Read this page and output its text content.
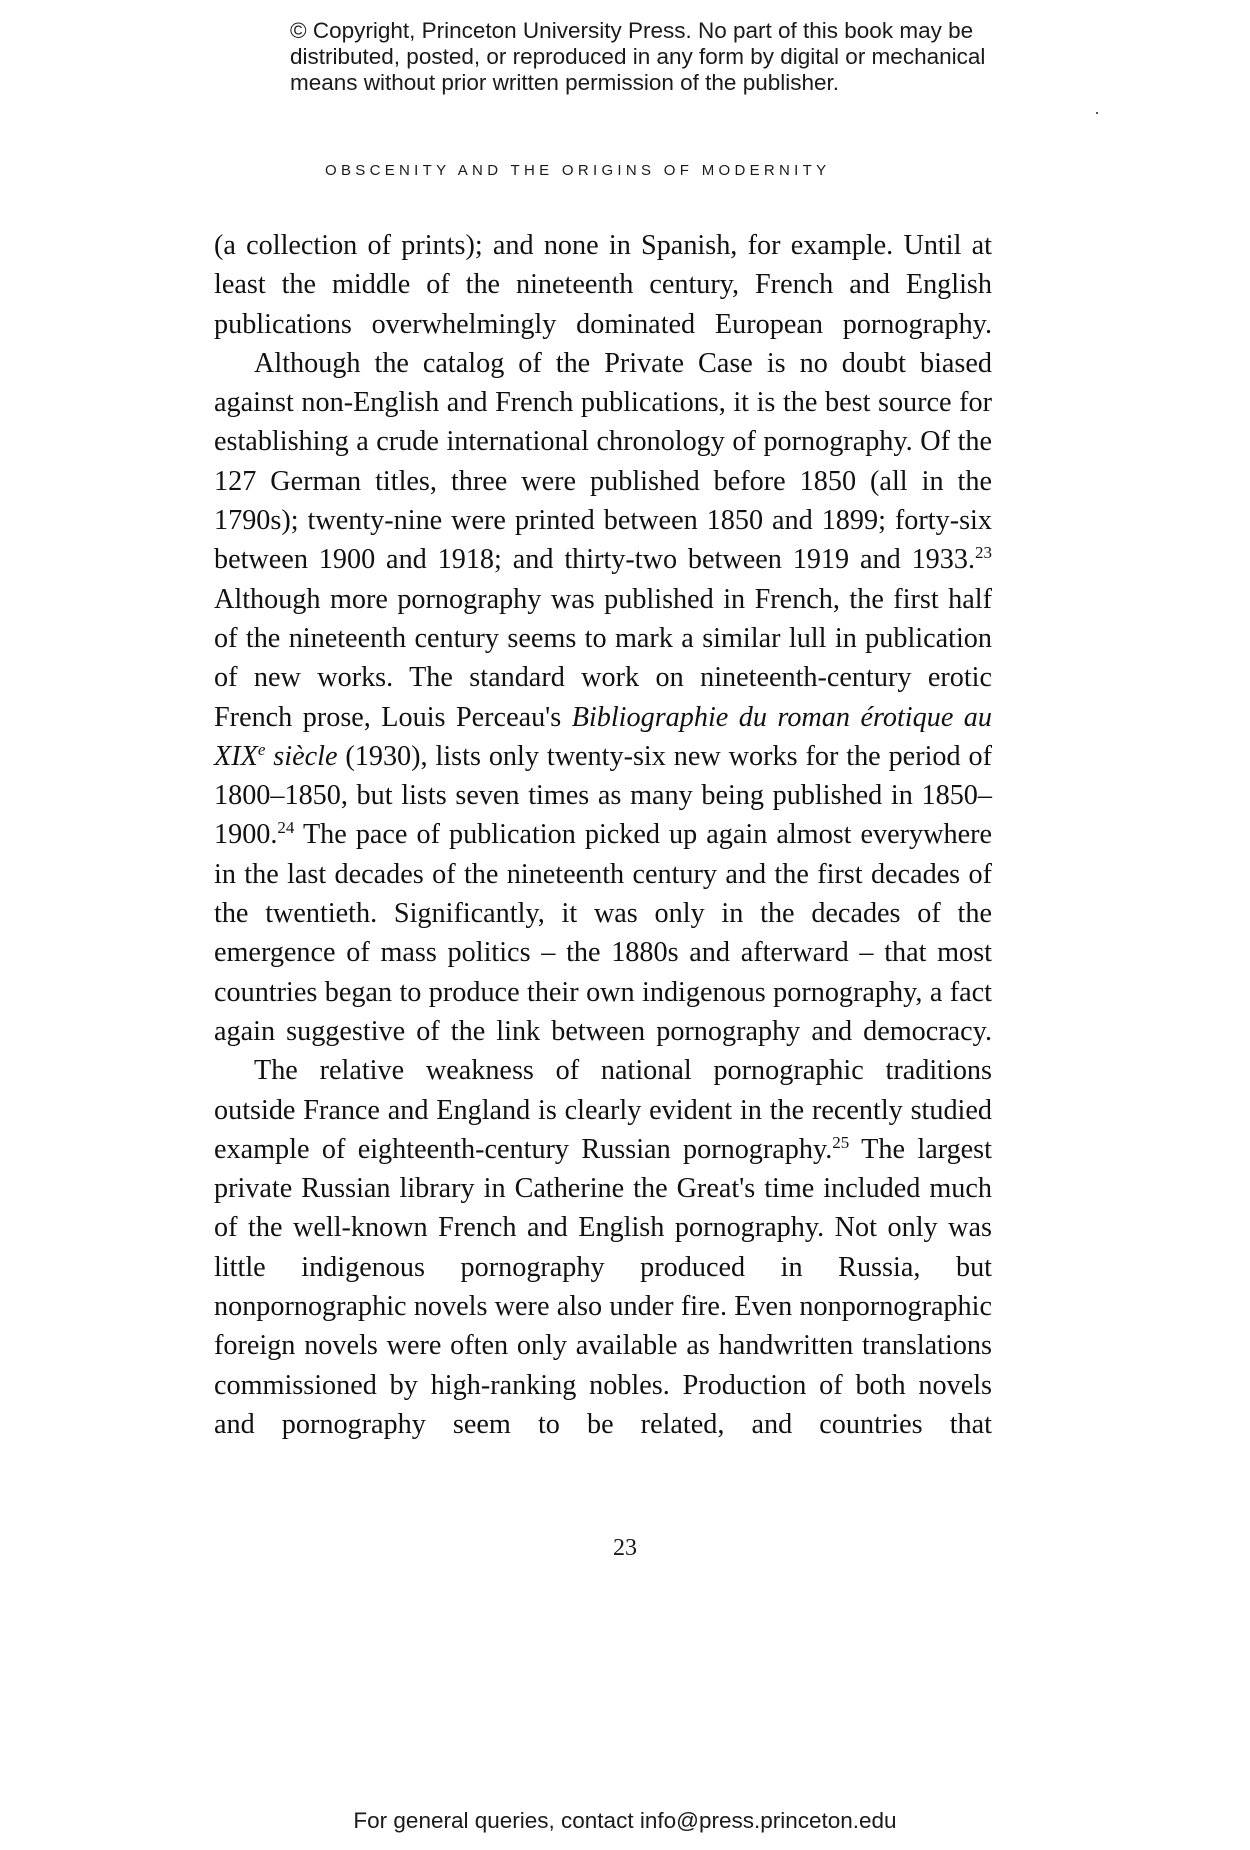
© Copyright, Princeton University Press. No part of this book may be
distributed, posted, or reproduced in any form by digital or mechanical
means without prior written permission of the publisher.
OBSCENITY AND THE ORIGINS OF MODERNITY

(a collection of prints); and none in Spanish, for example. Until at least the middle of the nineteenth century, French and English publications overwhelmingly dominated European pornography.

Although the catalog of the Private Case is no doubt biased against non-English and French publications, it is the best source for establishing a crude international chronology of pornography. Of the 127 German titles, three were published before 1850 (all in the 1790s); twenty-nine were printed between 1850 and 1899; forty-six between 1900 and 1918; and thirty-two between 1919 and 1933.23 Although more pornography was published in French, the first half of the nineteenth century seems to mark a similar lull in publication of new works. The standard work on nineteenth-century erotic French prose, Louis Perceau's Bibliographie du roman érotique au XIXe siècle (1930), lists only twenty-six new works for the period of 1800–1850, but lists seven times as many being published in 1850–1900.24 The pace of publication picked up again almost everywhere in the last decades of the nineteenth century and the first decades of the twentieth. Significantly, it was only in the decades of the emergence of mass politics – the 1880s and afterward – that most countries began to produce their own indigenous pornography, a fact again suggestive of the link between pornography and democracy.

The relative weakness of national pornographic traditions outside France and England is clearly evident in the recently studied example of eighteenth-century Russian pornography.$^{25}$ The largest private Russian library in Catherine the Great's time included much of the well-known French and English pornography. Not only was little indigenous pornography produced in Russia, but nonpornographic novels were also under fire. Even nonpornographic foreign novels were often only available as handwritten translations commissioned by high-ranking nobles. Production of both novels and pornography seem to be related, and countries that

23
For general queries, contact info@press.princeton.edu
